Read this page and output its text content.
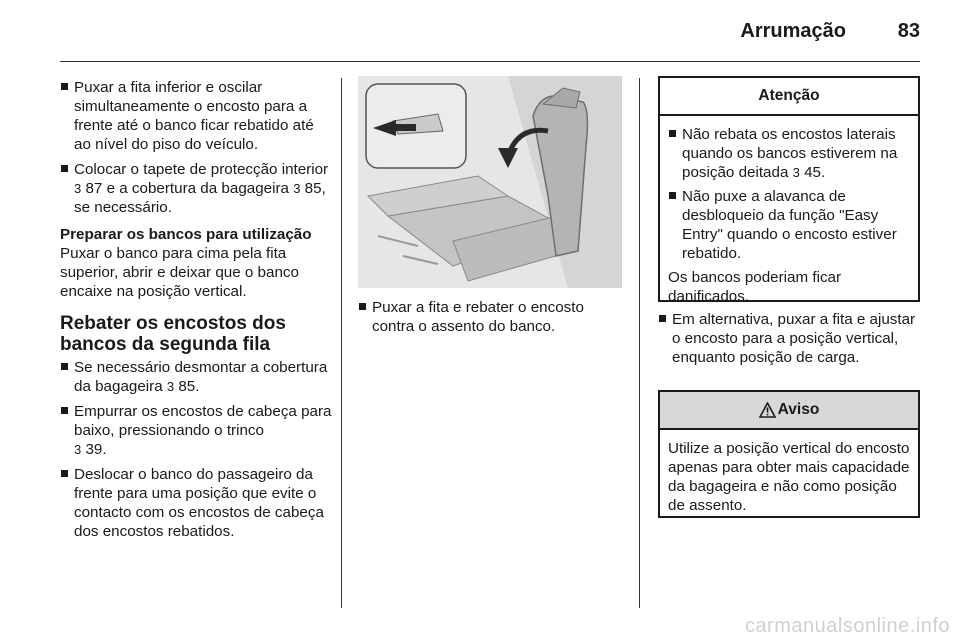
Arrumação	83
Puxar a fita inferior e oscilar simultaneamente o encosto para a frente até o banco ficar rebatido até ao nível do piso do veículo.
Colocar o tapete de protecção interior 3 87 e a cobertura da bagageira 3 85, se necessário.
Preparar os bancos para utilização
Puxar o banco para cima pela fita superior, abrir e deixar que o banco encaixe na posição vertical.
Rebater os encostos dos bancos da segunda fila
Se necessário desmontar a cobertura da bagageira 3 85.
Empurrar os encostos de cabeça para baixo, pressionando o trinco
3 39.
Deslocar o banco do passageiro da frente para uma posição que evite o contacto com os encostos de cabeça dos encostos rebatidos.
Puxar a fita e rebater o encosto contra o assento do banco.
Atenção
Não rebata os encostos laterais quando os bancos estiverem na posição deitada 3 45.
Não puxe a alavanca de desbloqueio da função "Easy Entry" quando o encosto estiver rebatido.
Os bancos poderiam ficar danificados.
Em alternativa, puxar a fita e ajustar o encosto para a posição vertical, enquanto posição de carga.
Aviso
Utilize a posição vertical do encosto apenas para obter mais capacidade da bagageira e não como posição de assento.
carmanualsonline.info
